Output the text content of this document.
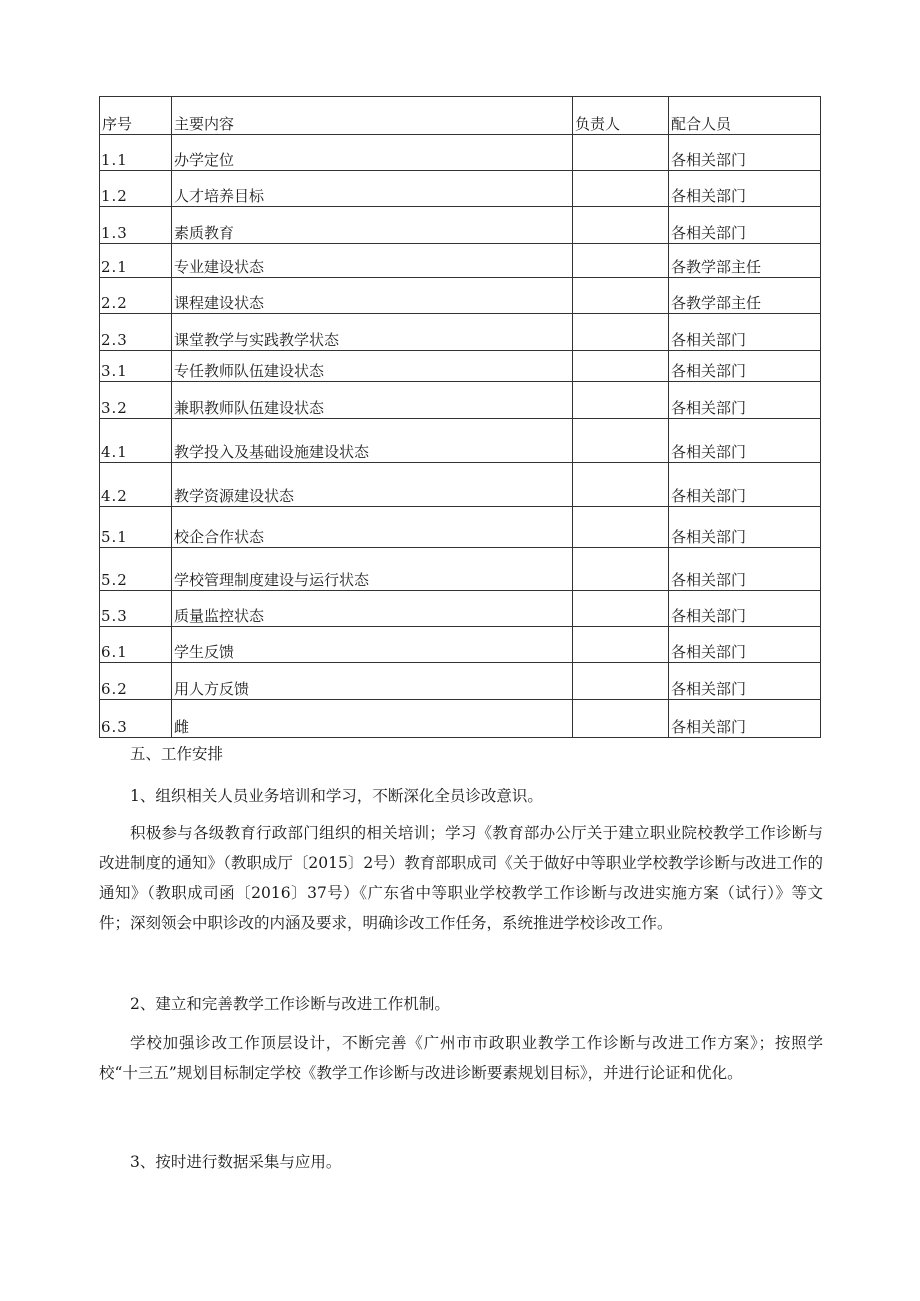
序号	主要内容	负责人	配合人员
1.1	办学定位		各相关部门
1.2	人才培养目标		各相关部门
1.3	素质教育		各相关部门
2.1	专业建设状态		各教学部主任
2.2	课程建设状态		各教学部主任
2.3	课堂教学与实践教学状态		各相关部门
3.1	专任教师队伍建设状态		各相关部门
3.2	兼职教师队伍建设状态		各相关部门
4.1	教学投入及基础设施建设状态		各相关部门
4.2	教学资源建设状态		各相关部门
5.1	校企合作状态		各相关部门
5.2	学校管理制度建设与运行状态		各相关部门
5.3	质量监控状态		各相关部门
6.1	学生反馈		各相关部门
6.2	用人方反馈		各相关部门
6.3	雌		各相关部门
五、工作安排
1、组织相关人员业务培训和学习，不断深化全员诊改意识。
积极参与各级教育行政部门组织的相关培训；学习《教育部办公厅关于建立职业院校教学工作诊断与改进制度的通知》（教职成厅〔2015〕2号）教育部职成司《关于做好中等职业学校教学诊断与改进工作的通知》（教职成司函〔2016〕37号）《广东省中等职业学校教学工作诊断与改进实施方案（试行）》等文件；深刻领会中职诊改的内涵及要求，明确诊改工作任务，系统推进学校诊改工作。
2、建立和完善教学工作诊断与改进工作机制。
学校加强诊改工作顶层设计，不断完善《广州市市政职业教学工作诊断与改进工作方案》；按照学校“十三五”规划目标制定学校《教学工作诊断与改进诊断要素规划目标》，并进行论证和优化。
3、按时进行数据采集与应用。
